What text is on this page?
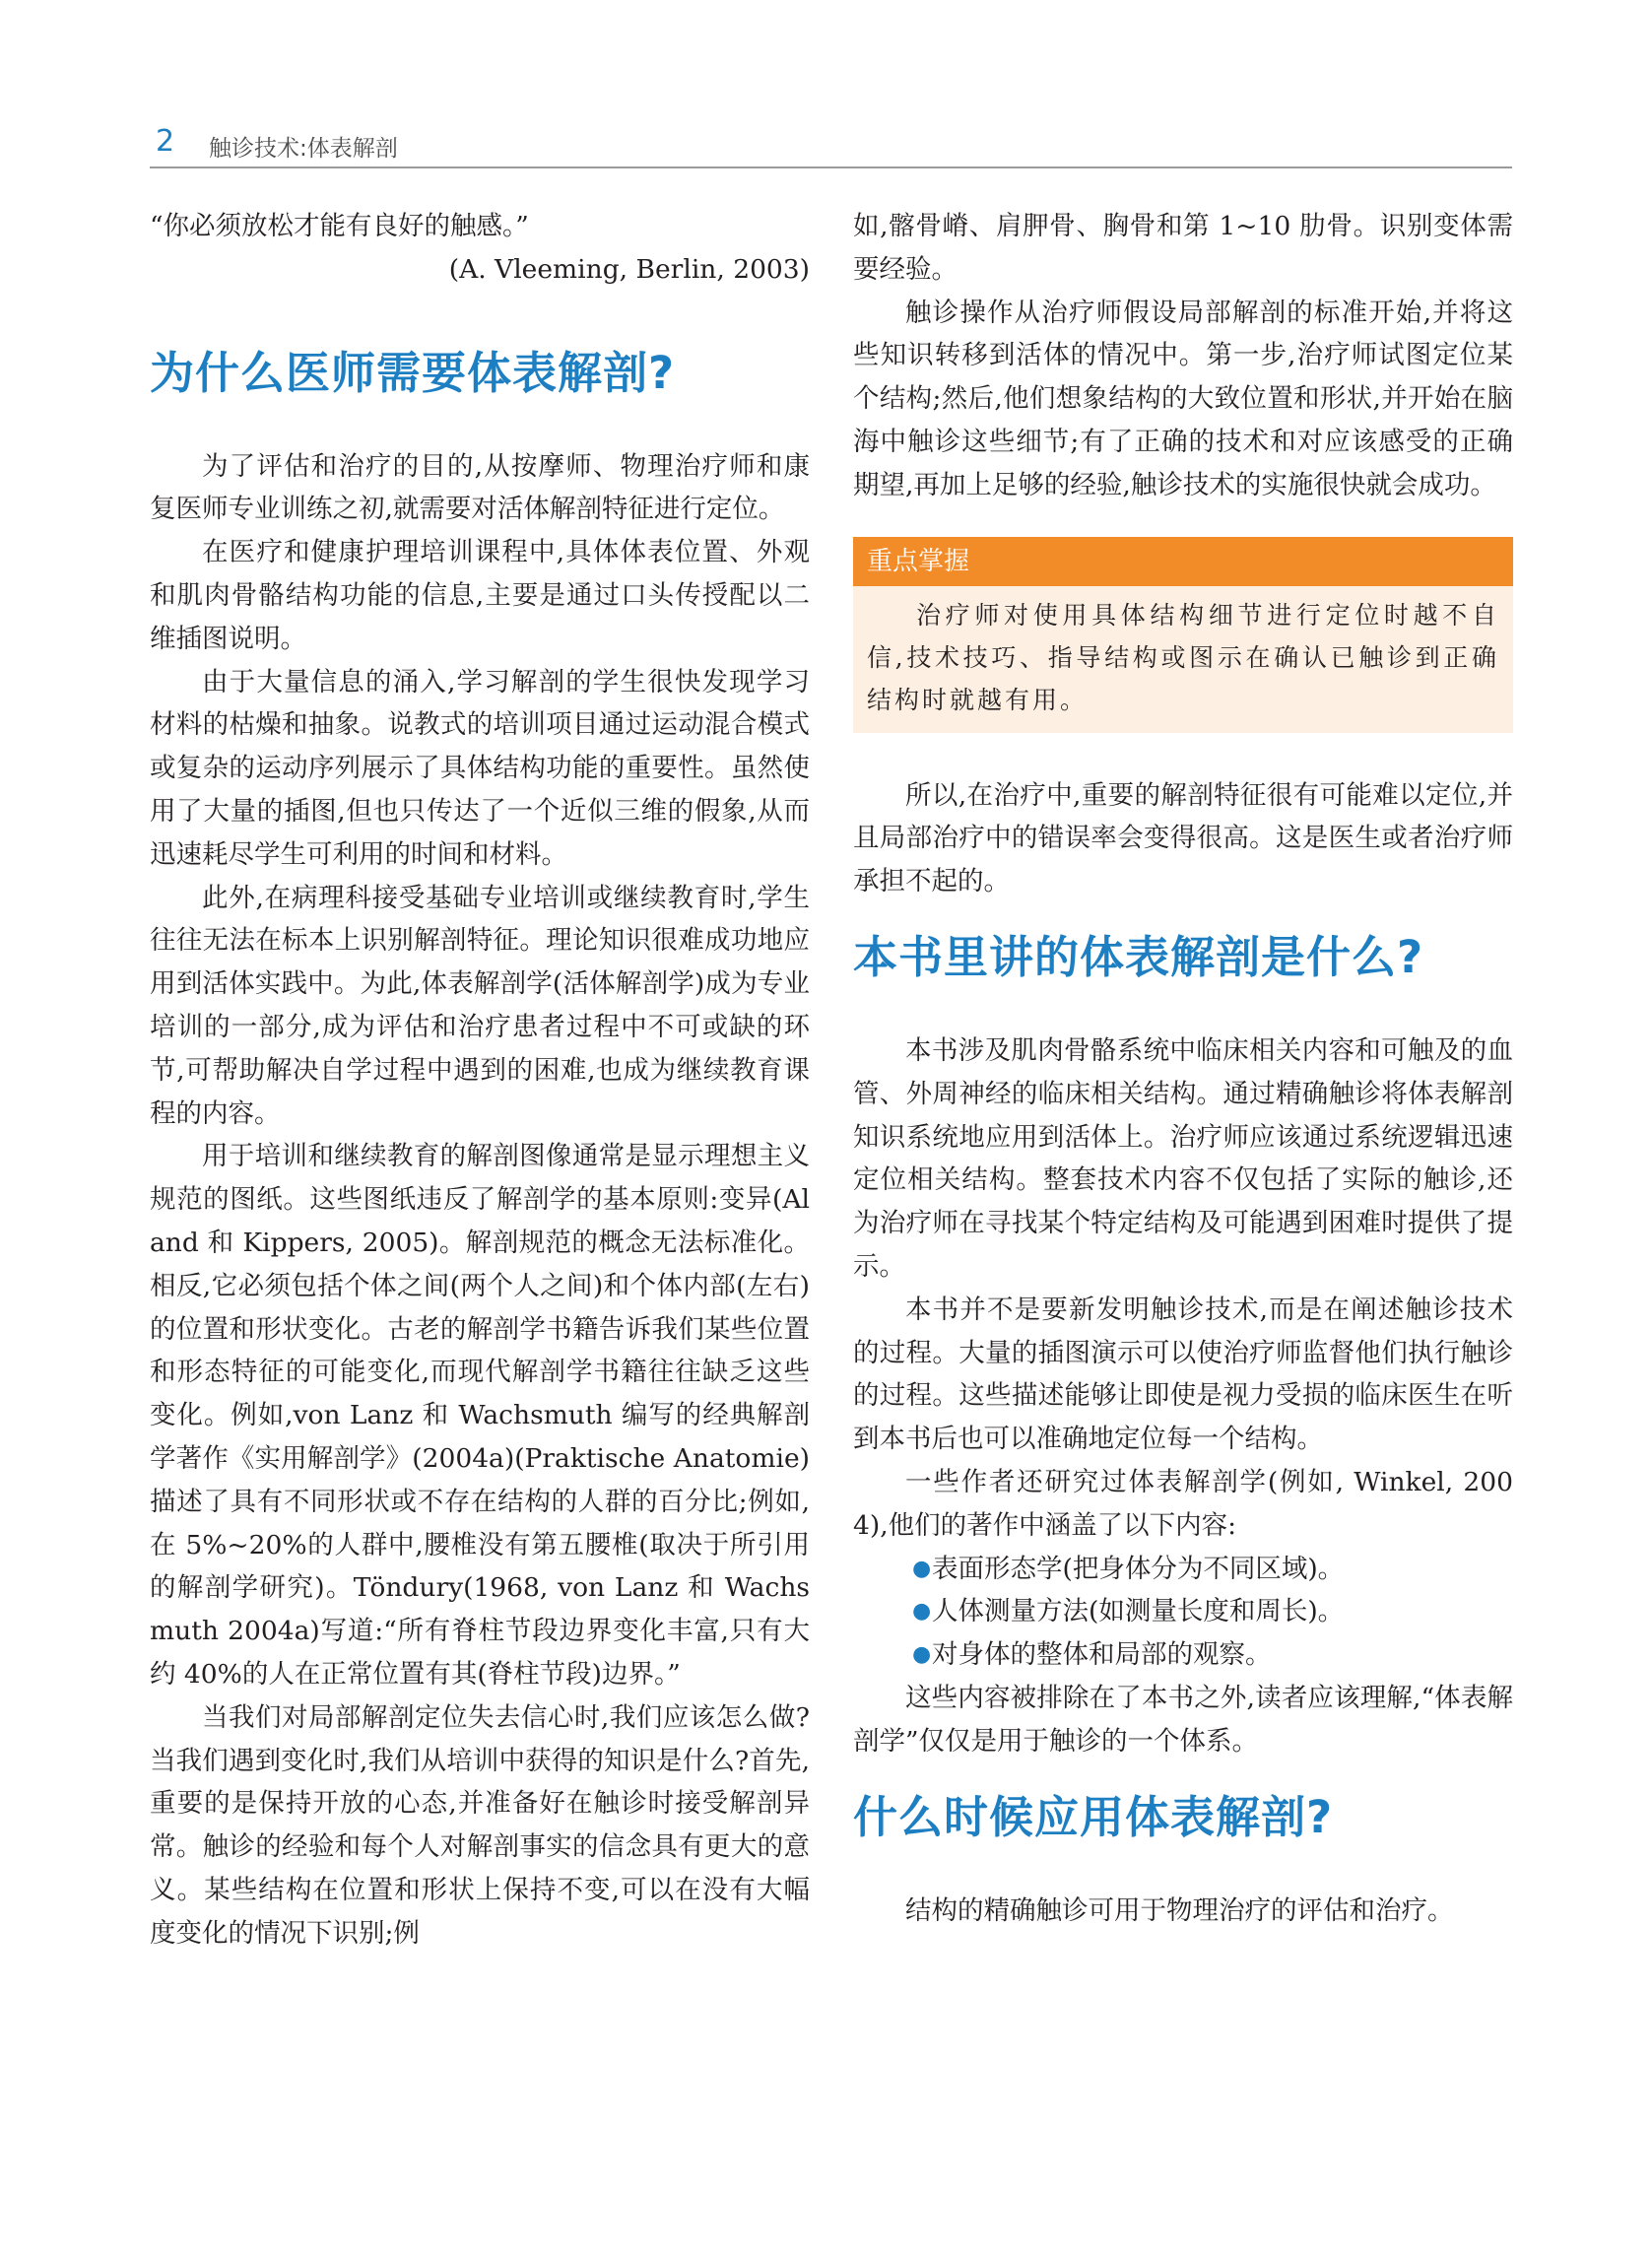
2 触诊技术:体表解剖

“你必须放松才能有良好的触感。”

(A. Vleeming, Berlin, 2003)
为什么医师需要体表解剖?

为了评估和治疗的目的,从按摩师、物理治疗师和康复医师专业训练之初,就需要对活体解剖特征进行定位。

在医疗和健康护理培训课程中,具体体表位置、外观和肌肉骨骼结构功能的信息,主要是通过口头传授配以二维插图说明。

由于大量信息的涌入,学习解剖的学生很快发现学习材料的枯燥和抽象。说教式的培训项目通过运动混合模式或复杂的运动序列展示了具体结构功能的重要性。虽然使用了大量的插图,但也只传达了一个近似三维的假象,从而迅速耗尽学生可利用的时间和材料。

此外,在病理科接受基础专业培训或继续教育时,学生往往无法在标本上识别解剖特征。理论知识很难成功地应用到活体实践中。为此,体表解剖学(活体解剖学)成为专业培训的一部分,成为评估和治疗患者过程中不可或缺的环节,可帮助解决自学过程中遇到的困难,也成为继续教育课程的内容。

用于培训和继续教育的解剖图像通常是显示理想主义规范的图纸。这些图纸违反了解剖学的基本原则:变异(Aland 和 Kippers, 2005)。解剖规范的概念无法标准化。相反,它必须包括个体之间(两个人之间)和个体内部(左右)的位置和形状变化。古老的解剖学书籍告诉我们某些位置和形态特征的可能变化,而现代解剖学书籍往往缺乏这些变化。例如,von Lanz 和 Wachsmuth 编写的经典解剖学著作《实用解剖学》(2004a)(Praktische Anatomie)描述了具有不同形状或不存在结构的人群的百分比;例如,在 5%~20%的人群中,腰椎没有第五腰椎(取决于所引用的解剖学研究)。Töndury(1968, von Lanz 和 Wachsmuth 2004a)写道:“所有脊柱节段边界变化丰富,只有大约 40%的人在正常位置有其(脊柱节段)边界。”

当我们对局部解剖定位失去信心时,我们应该怎么做?当我们遇到变化时,我们从培训中获得的知识是什么?首先,重要的是保持开放的心态,并准备好在触诊时接受解剖异常。触诊的经验和每个人对解剖事实的信念具有更大的意义。某些结构在位置和形状上保持不变,可以在没有大幅度变化的情况下识别;例

如,髂骨嵴、肩胛骨、胸骨和第 1~10 肋骨。识别变体需要经验。

触诊操作从治疗师假设局部解剖的标准开始,并将这些知识转移到活体的情况中。第一步,治疗师试图定位某个结构;然后,他们想象结构的大致位置和形状,并开始在脑海中触诊这些细节;有了正确的技术和对应该感受的正确期望,再加上足够的经验,触诊技术的实施很快就会成功。

重点掌握

治疗师对使用具体结构细节进行定位时越不自信,技术技巧、指导结构或图示在确认已触诊到正确结构时就越有用。

所以,在治疗中,重要的解剖特征很有可能难以定位,并且局部治疗中的错误率会变得很高。这是医生或者治疗师承担不起的。

本书里讲的体表解剖是什么?

本书涉及肌肉骨骼系统中临床相关内容和可触及的血管、外周神经的临床相关结构。通过精确触诊将体表解剖知识系统地应用到活体上。治疗师应该通过系统逻辑迅速定位相关结构。整套技术内容不仅包括了实际的触诊,还为治疗师在寻找某个特定结构及可能遇到困难时提供了提示。

本书并不是要新发明触诊技术,而是在阐述触诊技术的过程。大量的插图演示可以使治疗师监督他们执行触诊的过程。这些描述能够让即使是视力受损的临床医生在听到本书后也可以准确地定位每一个结构。

一些作者还研究过体表解剖学(例如, Winkel, 2004),他们的著作中涵盖了以下内容:

● 表面形态学(把身体分为不同区域)。
● 人体测量方法(如测量长度和周长)。
● 对身体的整体和局部的观察。

这些内容被排除在了本书之外,读者应该理解,“体表解剖学”仅仅是用于触诊的一个体系。

什么时候应用体表解剖?

结构的精确触诊可用于物理治疗的评估和治疗。
